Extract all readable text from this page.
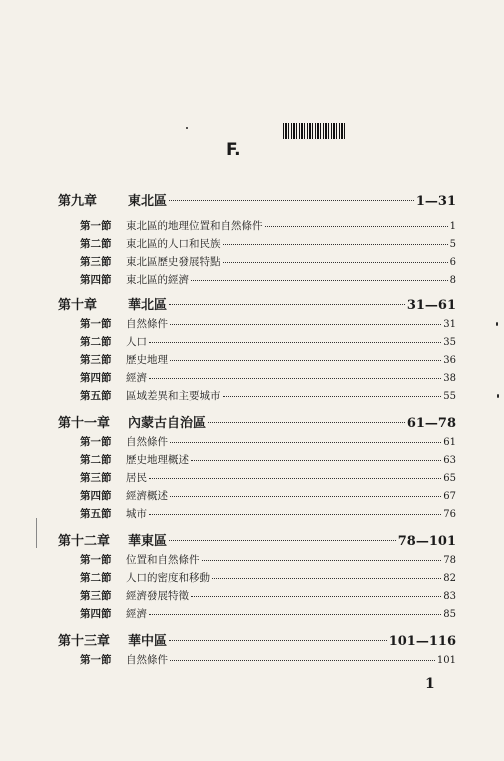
F.
第九章	東北區	1—31
第一節	東北區的地理位置和自然條件	1
第二節	東北區的人口和民族	5
第三節	東北區歷史發展特點	6
第四節	東北區的經濟	8
第十章	華北區	31—61
第一節	自然條件	31
第二節	人口	35
第三節	歷史地理	36
第四節	經濟	38
第五節	區域差異和主要城市	55
第十一章	內蒙古自治區	61—78
第一節	自然條件	61
第二節	歷史地理概述	63
第三節	居民	65
第四節	經濟概述	67
第五節	城市	76
第十二章	華東區	78—101
第一節	位置和自然條件	78
第二節	人口的密度和移動	82
第三節	經濟發展特徵	83
第四節	經濟	85
第十三章	華中區	101—116
第一節	自然條件	101
1
